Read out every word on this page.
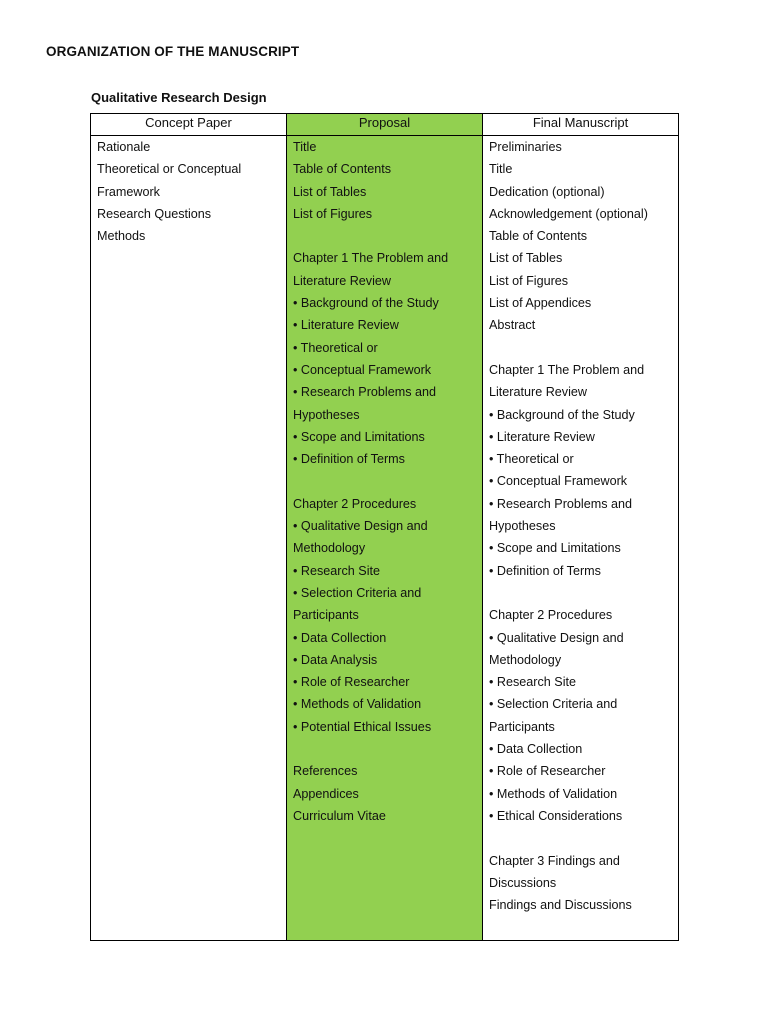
ORGANIZATION OF THE MANUSCRIPT
Qualitative Research Design
Concept Paper
Rationale
Theoretical or Conceptual
Framework
Research Questions
Methods
Proposal
Title
Table of Contents
List of Tables
List of Figures
Chapter 1 The Problem and
Literature Review
• Background of the Study
• Literature Review
• Theoretical or
• Conceptual Framework
• Research Problems and
Hypotheses
• Scope and Limitations
• Definition of Terms
Chapter 2 Procedures
• Qualitative Design and
Methodology
• Research Site
• Selection Criteria and
Participants
• Data Collection
• Data Analysis
• Role of Researcher
• Methods of Validation
• Potential Ethical Issues
References
Appendices
Curriculum Vitae
Final Manuscript
Preliminaries
Title
Dedication (optional)
Acknowledgement (optional)
Table of Contents
List of Tables
List of Figures
List of Appendices
Abstract
Chapter 1 The Problem and
Literature Review
• Background of the Study
• Literature Review
• Theoretical or
• Conceptual Framework
• Research Problems and
Hypotheses
• Scope and Limitations
• Definition of Terms
Chapter 2 Procedures
• Qualitative Design and
Methodology
• Research Site
• Selection Criteria and
Participants
• Data Collection
• Role of Researcher
• Methods of Validation
• Ethical Considerations
Chapter 3 Findings and
Discussions
Findings and Discussions
